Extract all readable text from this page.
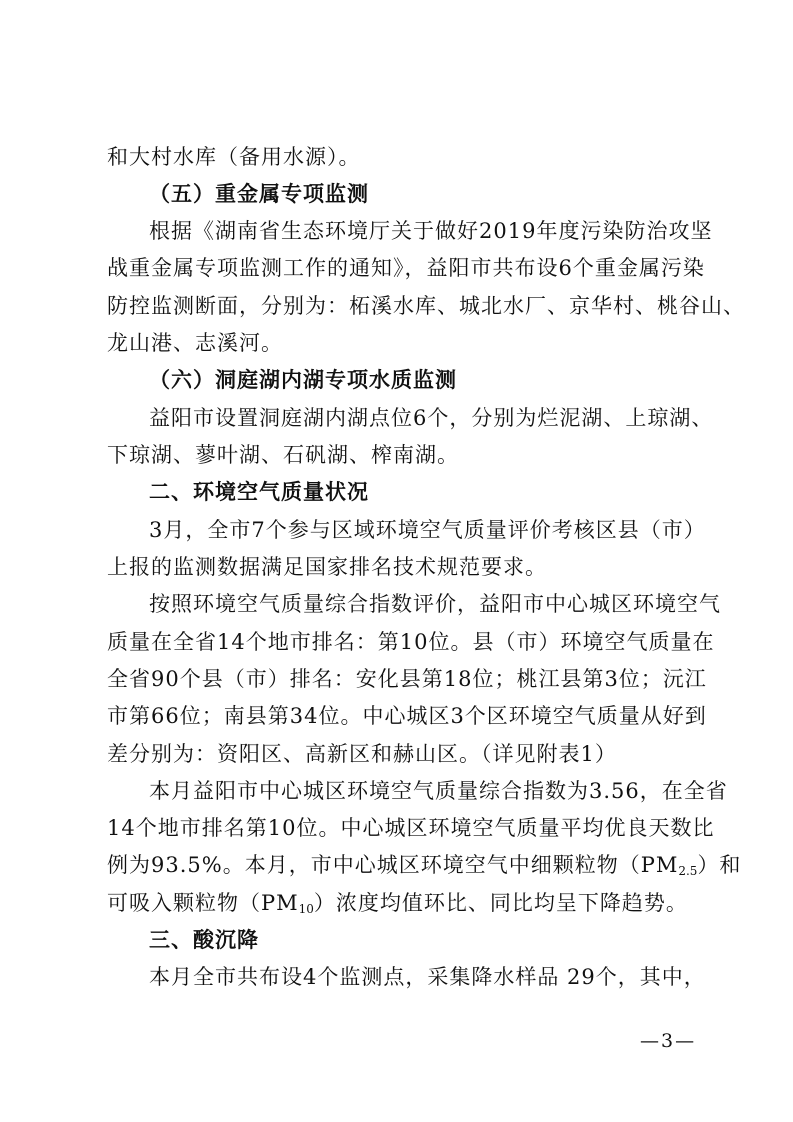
和大村水库（备用水源）。
（五）重金属专项监测
根据《湖南省生态环境厅关于做好2019年度污染防治攻坚
战重金属专项监测工作的通知》，益阳市共布设6个重金属污染
防控监测断面，分别为：柘溪水库、城北水厂、京华村、桃谷山、
龙山港、志溪河。
（六）洞庭湖内湖专项水质监测
益阳市设置洞庭湖内湖点位6个，分别为烂泥湖、上琼湖、
下琼湖、蓼叶湖、石矾湖、榨南湖。
二、环境空气质量状况
3月，全市7个参与区域环境空气质量评价考核区县（市）
上报的监测数据满足国家排名技术规范要求。
按照环境空气质量综合指数评价，益阳市中心城区环境空气
质量在全省14个地市排名：第10位。县（市）环境空气质量在
全省90个县（市）排名：安化县第18位；桃江县第3位；沅江
市第66位；南县第34位。中心城区3个区环境空气质量从好到
差分别为：资阳区、高新区和赫山区。（详见附表1）
本月益阳市中心城区环境空气质量综合指数为3.56，在全省
14个地市排名第10位。中心城区环境空气质量平均优良天数比
例为93.5%。本月，市中心城区环境空气中细颗粒物$(PM_{2.5})$和
可吸入颗粒物$(PM_{10})$浓度均值环比、同比均呈下降趋势。
三、酸沉降
本月全市共布设4个监测点，采集降水样品 29个，其中，
—3—
